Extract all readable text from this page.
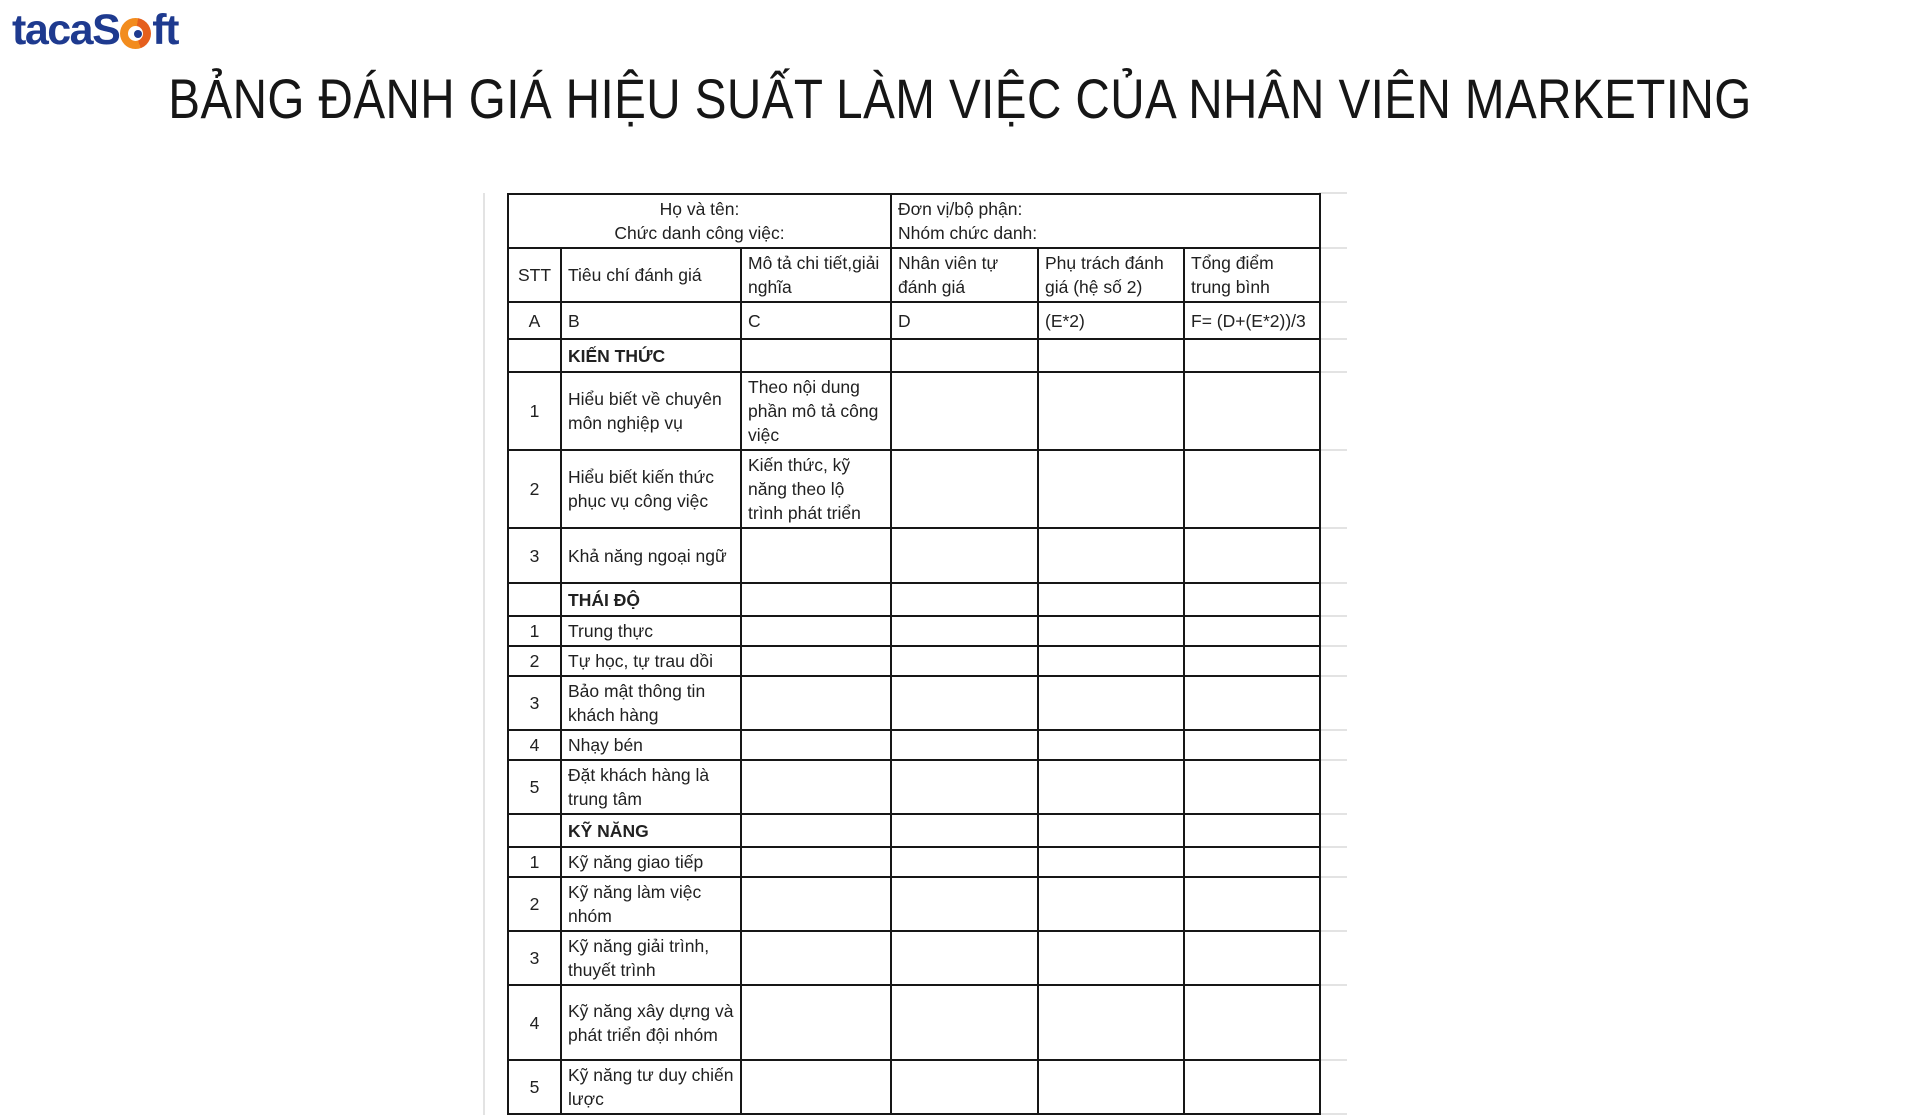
tacaS ft
BẢNG ĐÁNH GIÁ HIỆU SUẤT LÀM VIỆC CỦA NHÂN VIÊN MARKETING
Họ và tên:
Chức danh công việc:

Đơn vị/bộ phận:
Nhóm chức danh:

STT	Tiêu chí đánh giá	Mô tả chi tiết,giải nghĩa	Nhân viên tự đánh giá	Phụ trách đánh giá (hệ số 2)	Tổng điểm trung bình
A	B	C	D	(E*2)	F= (D+(E*2))/3
	KIẾN THỨC				
1	Hiểu biết về chuyên môn nghiệp vụ	Theo nội dung phần mô tả công việc			
2	Hiểu biết kiến thức phục vụ công việc	Kiến thức, kỹ năng theo lộ trình phát triển			
3	Khả năng ngoại ngữ				
	THÁI ĐỘ				
1	Trung thực				
2	Tự học, tự trau dồi				
3	Bảo mật thông tin khách hàng				
4	Nhạy bén				
5	Đặt khách hàng là trung tâm				
	KỸ NĂNG				
1	Kỹ năng giao tiếp				
2	Kỹ năng làm việc nhóm				
3	Kỹ năng giải trình, thuyết trình				
4	Kỹ năng xây dựng và phát triển đội nhóm				
5	Kỹ năng tư duy chiến lược				
